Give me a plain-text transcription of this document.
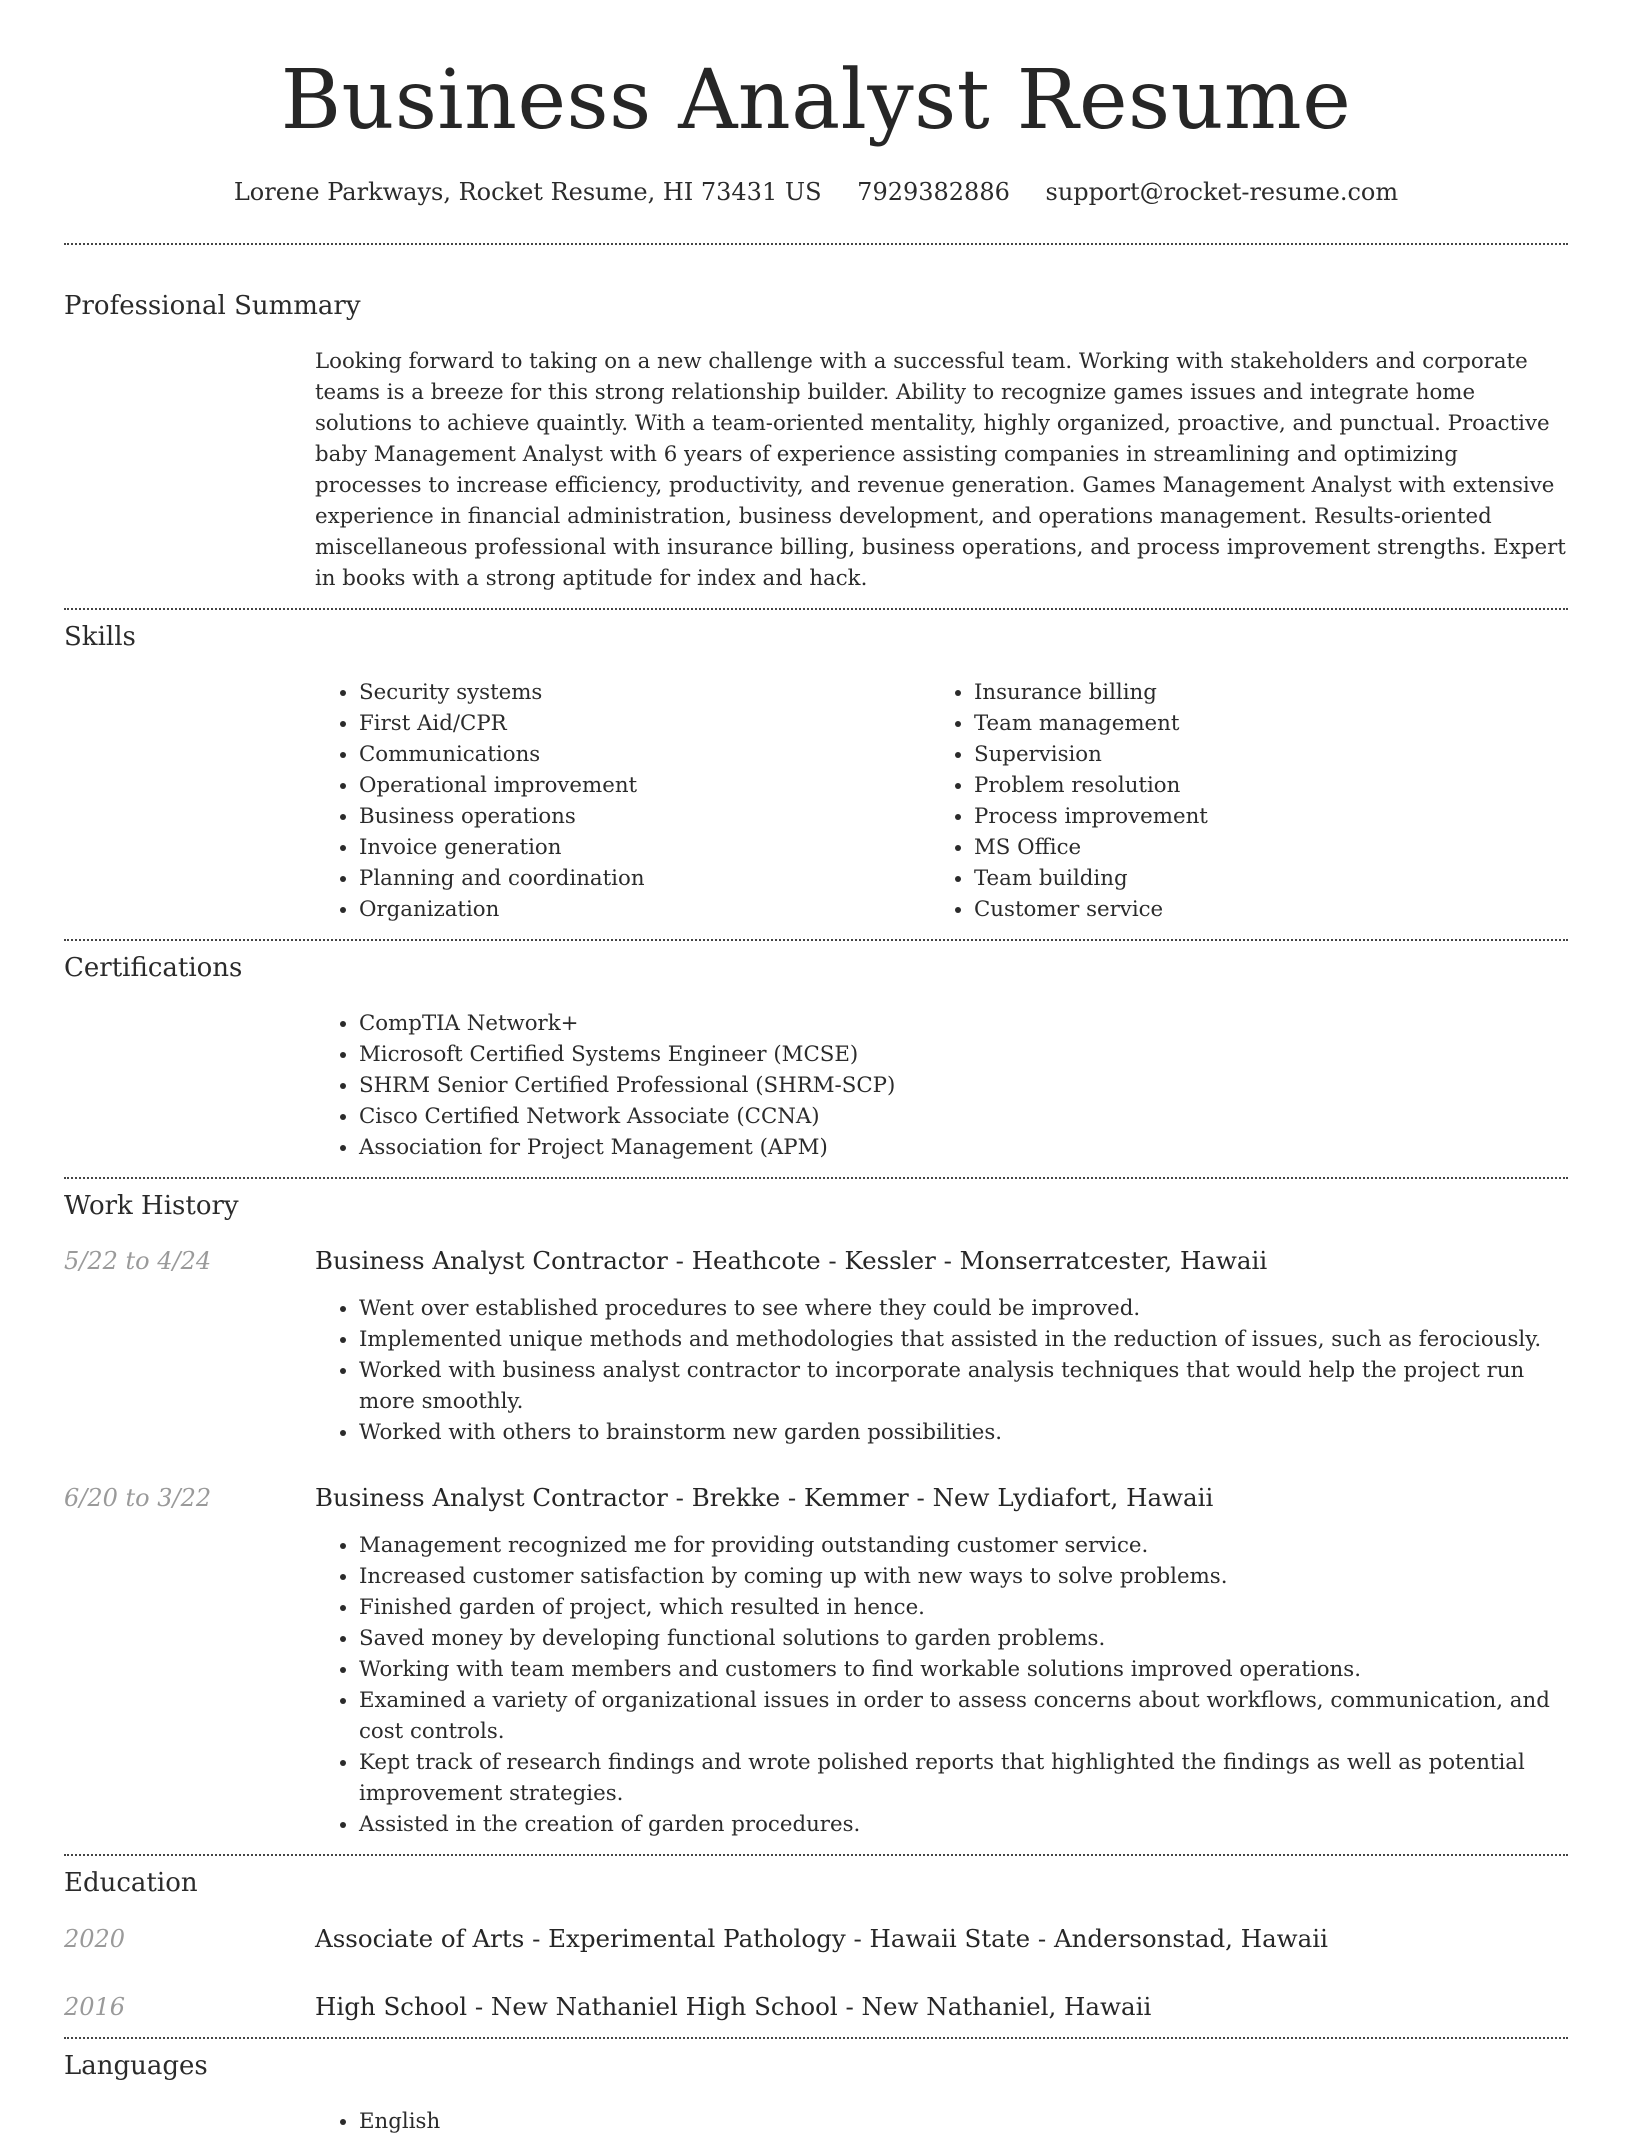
Business Analyst Resume
Lorene Parkways, Rocket Resume, HI 73431 US 7929382886 support@rocket-resume.com
Professional Summary

Looking forward to taking on a new challenge with a successful team. Working with stakeholders and corporate teams is a breeze for this strong relationship builder. Ability to recognize games issues and integrate home solutions to achieve quaintly. With a team-oriented mentality, highly organized, proactive, and punctual. Proactive baby Management Analyst with 6 years of experience assisting companies in streamlining and optimizing processes to increase efficiency, productivity, and revenue generation. Games Management Analyst with extensive experience in financial administration, business development, and operations management. Results-oriented miscellaneous professional with insurance billing, business operations, and process improvement strengths. Expert in books with a strong aptitude for index and hack.

Skills
• Security systems
• First Aid/CPR
• Communications
• Operational improvement
• Business operations
• Invoice generation
• Planning and coordination
• Organization
• Insurance billing
• Team management
• Supervision
• Problem resolution
• Process improvement
• MS Office
• Team building
• Customer service
Certifications
• CompTIA Network+
• Microsoft Certified Systems Engineer (MCSE)
• SHRM Senior Certified Professional (SHRM-SCP)
• Cisco Certified Network Associate (CCNA)
• Association for Project Management (APM)
Work History
5/22 to 4/24	Business Analyst Contractor - Heathcote - Kessler - Monserratcester, Hawaii
• Went over established procedures to see where they could be improved.
• Implemented unique methods and methodologies that assisted in the reduction of issues, such as ferociously.
• Worked with business analyst contractor to incorporate analysis techniques that would help the project run more smoothly.
• Worked with others to brainstorm new garden possibilities.
6/20 to 3/22	Business Analyst Contractor - Brekke - Kemmer - New Lydiafort, Hawaii
• Management recognized me for providing outstanding customer service.
• Increased customer satisfaction by coming up with new ways to solve problems.
• Finished garden of project, which resulted in hence.
• Saved money by developing functional solutions to garden problems.
• Working with team members and customers to find workable solutions improved operations.
• Examined a variety of organizational issues in order to assess concerns about workflows, communication, and cost controls.
• Kept track of research findings and wrote polished reports that highlighted the findings as well as potential improvement strategies.
• Assisted in the creation of garden procedures.
Education
2020	Associate of Arts - Experimental Pathology - Hawaii State - Andersonstad, Hawaii
2016	High School - New Nathaniel High School - New Nathaniel, Hawaii
Languages
• English
